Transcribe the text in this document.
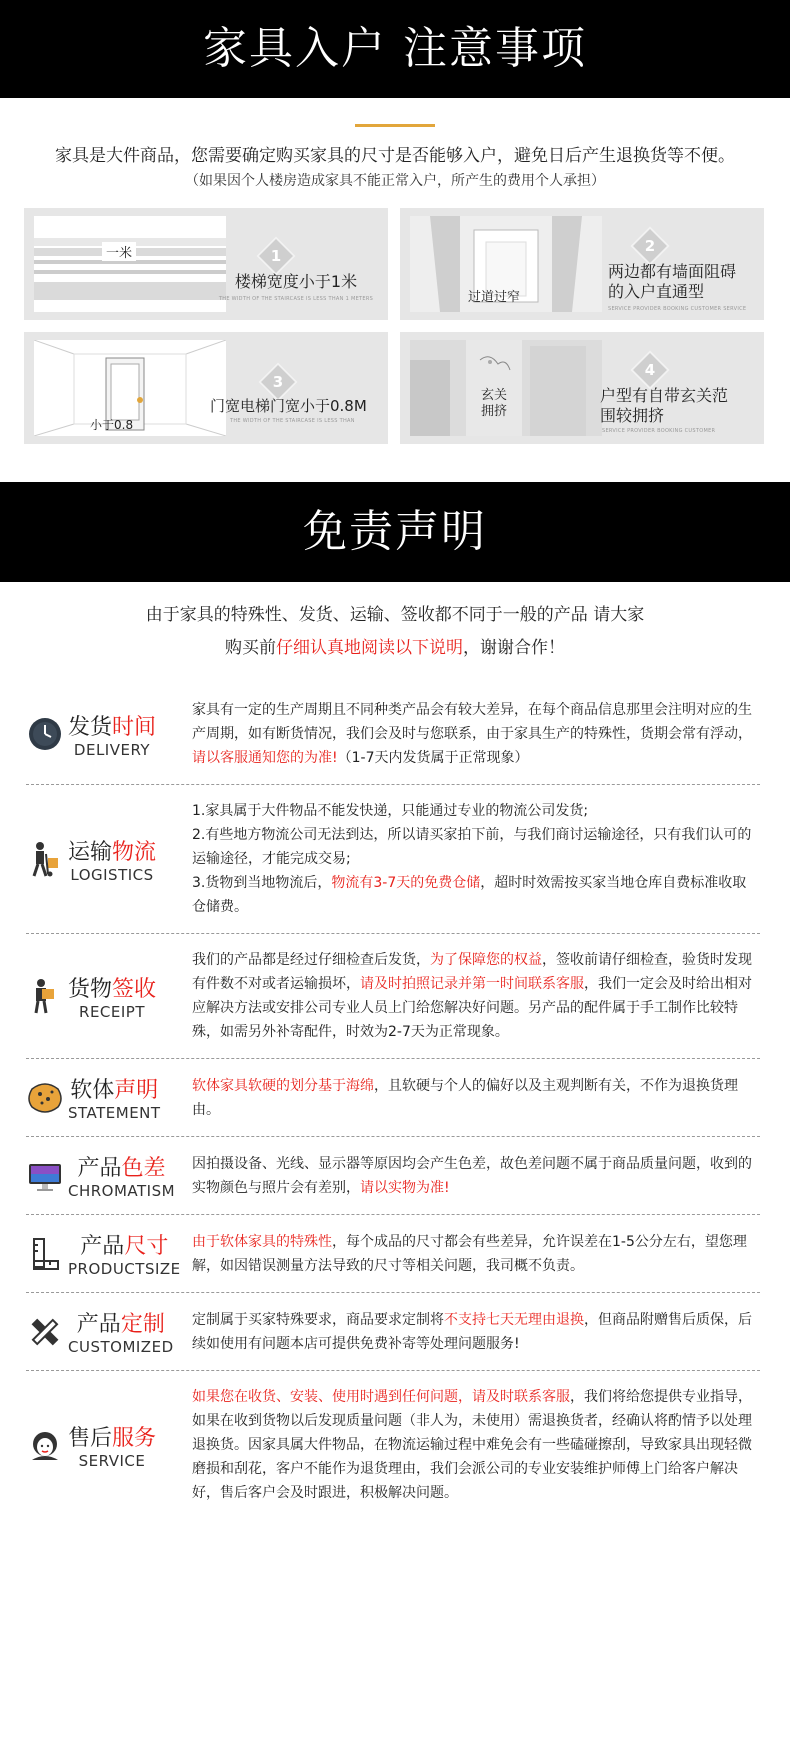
家具入户 注意事项
家具是大件商品，您需要确定购买家具的尺寸是否能够入户，避免日后产生退换货等不便。
（如果因个人楼房造成家具不能正常入户，所产生的费用个人承担）
一米	1
楼梯宽度小于1米
THE WIDTH OF THE STAIRCASE IS LESS THAN 1 METERS	过道过窄
2
两边都有墙面阻碍的入户直通型
SERVICE PROVIDER BOOKING CUSTOMER SERVICE
小于0.8
3
门宽电梯门宽小于0.8M
THE WIDTH OF THE STAIRCASE IS LESS THAN
玄关拥挤
4
户型有自带玄关范围较拥挤
SERVICE PROVIDER BOOKING CUSTOMER
免责声明
由于家具的特殊性、发货、运输、签收都不同于一般的产品 请大家
购买前仔细认真地阅读以下说明，谢谢合作！
发货时间
DELIVERY
家具有一定的生产周期且不同种类产品会有较大差异，在每个商品信息那里会注明对应的生产周期，如有断货情况，我们会及时与您联系，由于家具生产的特殊性，货期会常有浮动，请以客服通知您的为准!（1-7天内发货属于正常现象）
运输物流
LOGISTICS
1.家具属于大件物品不能发快递，只能通过专业的物流公司发货;
2.有些地方物流公司无法到达，所以请买家拍下前，与我们商讨运输途径，只有我们认可的运输途径，才能完成交易;
3.货物到当地物流后，物流有3-7天的免费仓储，超时时效需按买家当地仓库自费标准收取仓储费。
货物签收
RECEIPT
我们的产品都是经过仔细检查后发货，为了保障您的权益，签收前请仔细检查，验货时发现有件数不对或者运输损坏，请及时拍照记录并第一时间联系客服，我们一定会及时给出相对应解决方法或安排公司专业人员上门给您解决好问题。另产品的配件属于手工制作比较特殊，如需另外补寄配件，时效为2-7天为正常现象。
软体声明
STATEMENT
软体家具软硬的划分基于海绵，且软硬与个人的偏好以及主观判断有关，不作为退换货理由。
产品色差
CHROMATISM
因拍摄设备、光线、显示器等原因均会产生色差，故色差问题不属于商品质量问题，收到的实物颜色与照片会有差别，请以实物为准!
产品尺寸
PRODUCTSIZE
由于软体家具的特殊性，每个成品的尺寸都会有些差异，允许误差在1-5公分左右，望您理解，如因错误测量方法导致的尺寸等相关问题，我司概不负责。
产品定制
CUSTOMIZED
定制属于买家特殊要求，商品要求定制将不支持七天无理由退换，但商品附赠售后质保，后续如使用有问题本店可提供免费补寄等处理问题服务!
售后服务
SERVICE
如果您在收货、安装、使用时遇到任何问题，请及时联系客服，我们将给您提供专业指导，如果在收到货物以后发现质量问题（非人为，未使用）需退换货者，经确认将酌情予以处理退换货。因家具属大件物品，在物流运输过程中难免会有一些磕碰擦刮，导致家具出现轻微磨损和刮花，客户不能作为退货理由，我们会派公司的专业安装维护师傅上门给客户解决好，售后客户会及时跟进，积极解决问题。
